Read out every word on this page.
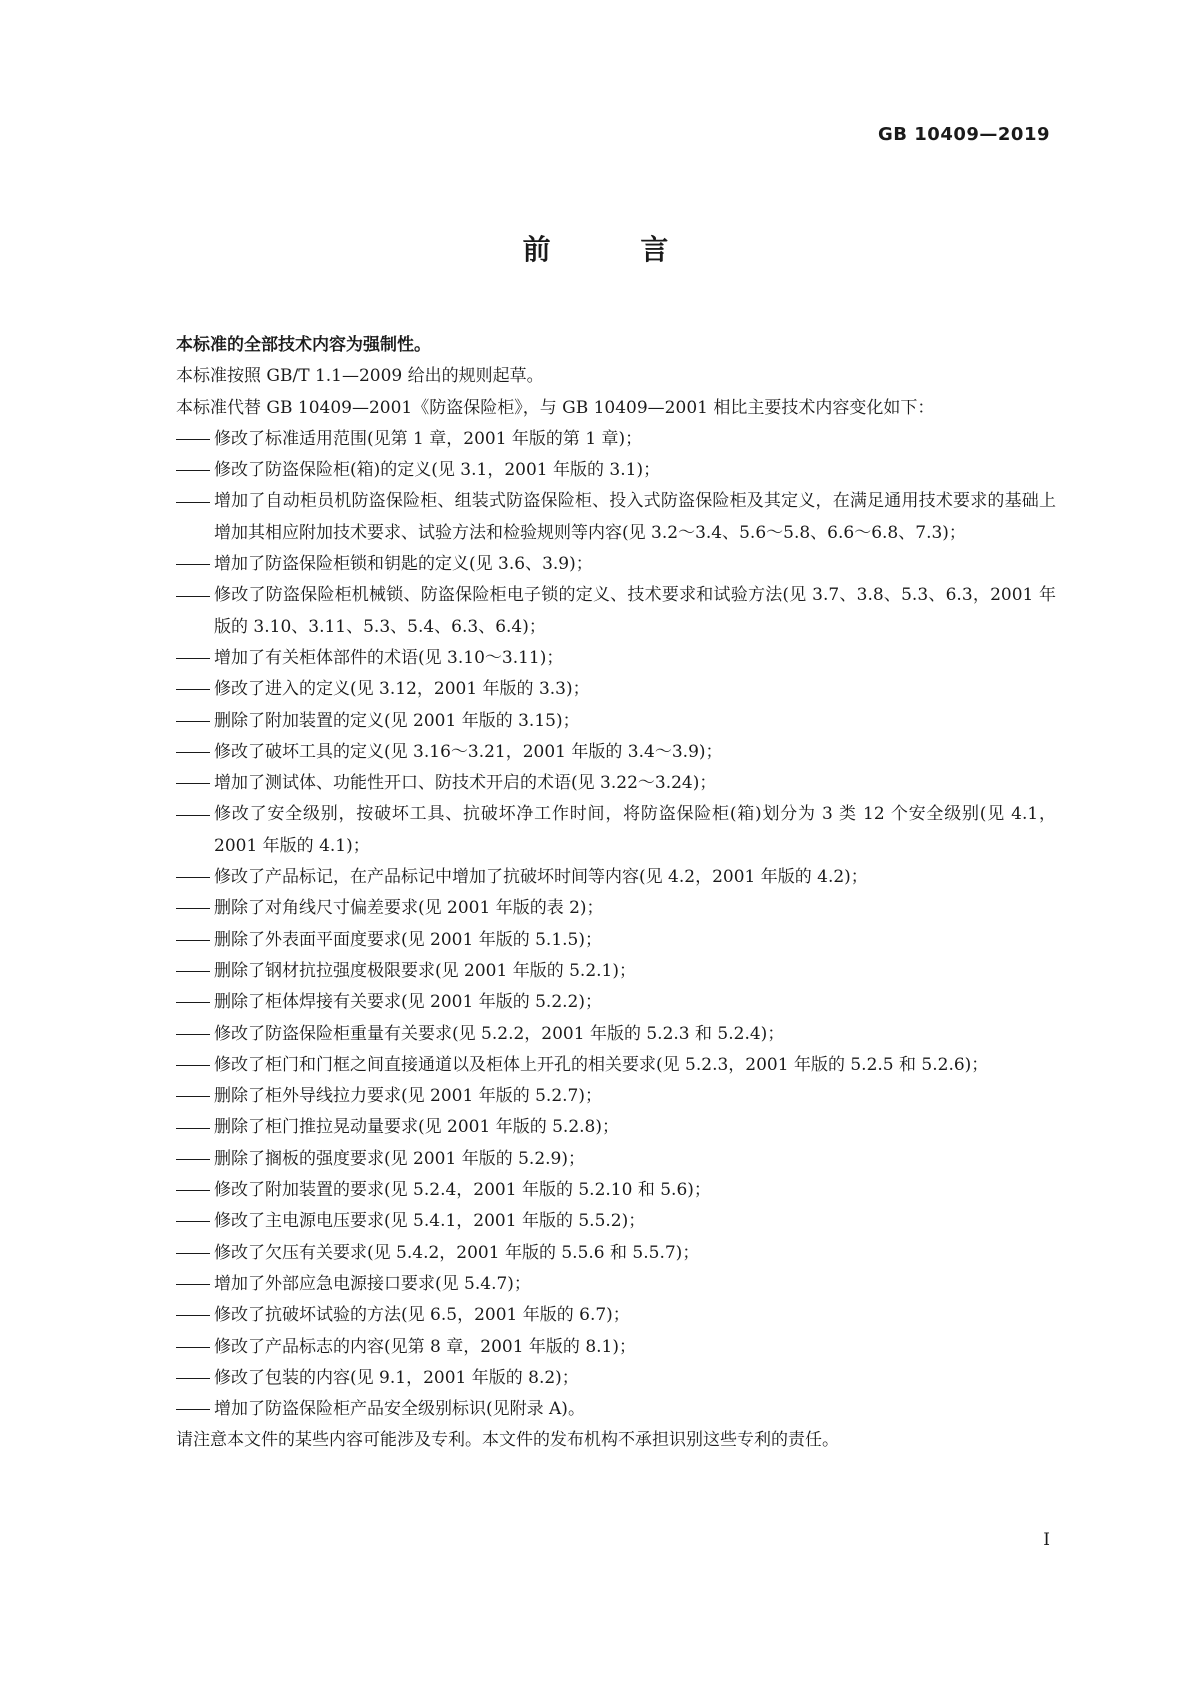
GB 10409—2019
前 言

本标准的全部技术内容为强制性。

本标准按照 GB/T 1.1—2009 给出的规则起草。

本标准代替 GB 10409—2001《防盗保险柜》，与 GB 10409—2001 相比主要技术内容变化如下：

修改了标准适用范围(见第 1 章，2001 年版的第 1 章)；
修改了防盗保险柜(箱)的定义(见 3.1，2001 年版的 3.1)；
增加了自动柜员机防盗保险柜、组装式防盗保险柜、投入式防盗保险柜及其定义，在满足通用技术要求的基础上增加其相应附加技术要求、试验方法和检验规则等内容(见 3.2～3.4、5.6～5.8、6.6～6.8、7.3)；
增加了防盗保险柜锁和钥匙的定义(见 3.6、3.9)；
修改了防盗保险柜机械锁、防盗保险柜电子锁的定义、技术要求和试验方法(见 3.7、3.8、5.3、6.3，2001 年版的 3.10、3.11、5.3、5.4、6.3、6.4)；
增加了有关柜体部件的术语(见 3.10～3.11)；
修改了进入的定义(见 3.12，2001 年版的 3.3)；
删除了附加装置的定义(见 2001 年版的 3.15)；
修改了破坏工具的定义(见 3.16～3.21，2001 年版的 3.4～3.9)；
增加了测试体、功能性开口、防技术开启的术语(见 3.22～3.24)；
修改了安全级别，按破坏工具、抗破坏净工作时间，将防盗保险柜(箱)划分为 3 类 12 个安全级别(见 4.1，2001 年版的 4.1)；
修改了产品标记，在产品标记中增加了抗破坏时间等内容(见 4.2，2001 年版的 4.2)；
删除了对角线尺寸偏差要求(见 2001 年版的表 2)；
删除了外表面平面度要求(见 2001 年版的 5.1.5)；
删除了钢材抗拉强度极限要求(见 2001 年版的 5.2.1)；
删除了柜体焊接有关要求(见 2001 年版的 5.2.2)；
修改了防盗保险柜重量有关要求(见 5.2.2，2001 年版的 5.2.3 和 5.2.4)；
修改了柜门和门框之间直接通道以及柜体上开孔的相关要求(见 5.2.3，2001 年版的 5.2.5 和 5.2.6)；
删除了柜外导线拉力要求(见 2001 年版的 5.2.7)；
删除了柜门推拉晃动量要求(见 2001 年版的 5.2.8)；
删除了搁板的强度要求(见 2001 年版的 5.2.9)；
修改了附加装置的要求(见 5.2.4，2001 年版的 5.2.10 和 5.6)；
修改了主电源电压要求(见 5.4.1，2001 年版的 5.5.2)；
修改了欠压有关要求(见 5.4.2，2001 年版的 5.5.6 和 5.5.7)；
增加了外部应急电源接口要求(见 5.4.7)；
修改了抗破坏试验的方法(见 6.5，2001 年版的 6.7)；
修改了产品标志的内容(见第 8 章，2001 年版的 8.1)；
修改了包装的内容(见 9.1，2001 年版的 8.2)；
增加了防盗保险柜产品安全级别标识(见附录 A)。

请注意本文件的某些内容可能涉及专利。本文件的发布机构不承担识别这些专利的责任。

I
